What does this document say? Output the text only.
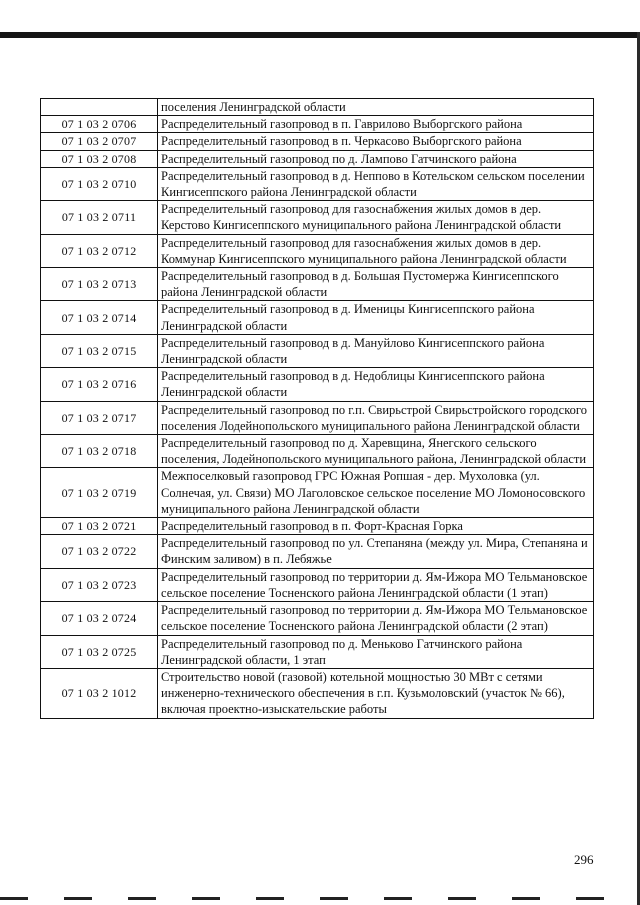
	поселения Ленинградской области
07 1 03 2 0706	Распределительный газопровод в п. Гаврилово Выборгского района
07 1 03 2 0707	Распределительный газопровод в п. Черкасово Выборгского района
07 1 03 2 0708	Распределительный газопровод по д. Лампово Гатчинского района
07 1 03 2 0710	Распределительный газопровод в д. Неппово в Котельском сельском поселении Кингисеппского района Ленинградской области
07 1 03 2 0711	Распределительный газопровод для газоснабжения жилых домов в дер. Керстово Кингисеппского муниципального района Ленинградской области
07 1 03 2 0712	Распределительный газопровод для газоснабжения жилых домов в дер. Коммунар Кингисеппского муниципального района Ленинградской области
07 1 03 2 0713	Распределительный газопровод в д. Большая Пустомержа Кингисеппского района Ленинградской области
07 1 03 2 0714	Распределительный газопровод в д. Именицы Кингисеппского района Ленинградской области
07 1 03 2 0715	Распределительный газопровод в д. Мануйлово Кингисеппского района Ленинградской области
07 1 03 2 0716	Распределительный газопровод в д. Недоблицы Кингисеппского района Ленинградской области
07 1 03 2 0717	Распределительный газопровод по г.п. Свирьстрой Свирьстройского городского поселения Лодейнопольского муниципального района Ленинградской области
07 1 03 2 0718	Распределительный газопровод по д. Харевщина, Янегского сельского поселения, Лодейнопольского муниципального района, Ленинградской области
07 1 03 2 0719	Межпоселковый газопровод ГРС Южная Ропшая - дер. Мухоловка (ул. Солнечая, ул. Связи) МО Лаголовское сельское поселение МО Ломоносовского муниципального района Ленинградской области
07 1 03 2 0721	Распределительный газопровод в п. Форт-Красная Горка
07 1 03 2 0722	Распределительный газопровод по ул. Степаняна (между ул. Мира, Степаняна и Финским заливом) в п. Лебяжье
07 1 03 2 0723	Распределительный газопровод по территории д. Ям-Ижора МО Тельмановское сельское поселение Тосненского района Ленинградской области (1 этап)
07 1 03 2 0724	Распределительный газопровод по территории д. Ям-Ижора МО Тельмановское сельское поселение Тосненского района Ленинградской области (2 этап)
07 1 03 2 0725	Распределительный газопровод по д. Меньково Гатчинского района Ленинградской области, 1 этап
07 1 03 2 1012	Строительство новой (газовой) котельной мощностью 30 МВт с сетями инженерно-технического обеспечения в г.п. Кузьмоловский (участок № 66), включая проектно-изыскательские работы
296
